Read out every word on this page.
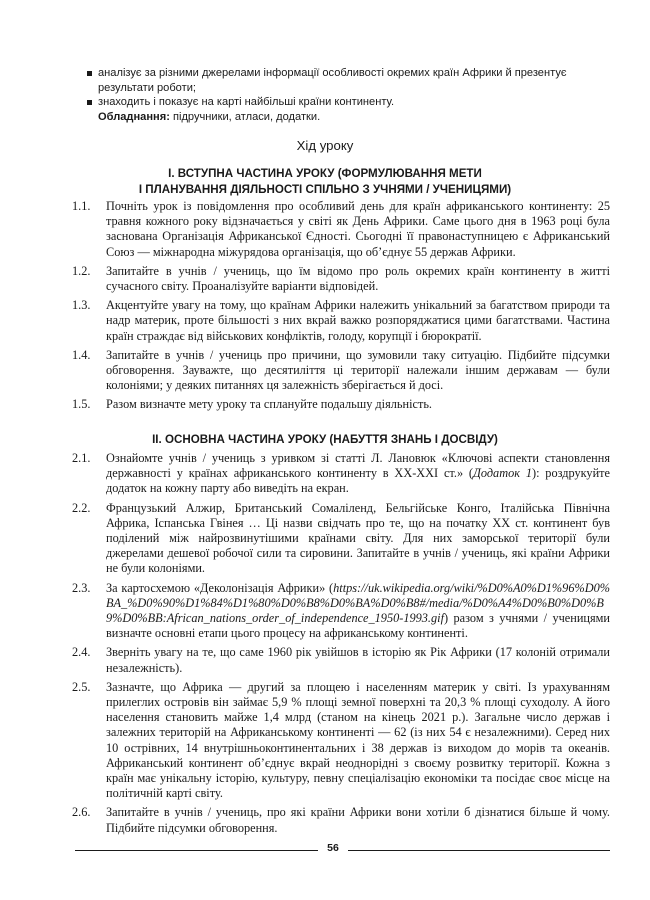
аналізує за різними джерелами інформації особливості окремих країн Африки й презентує результати роботи;
знаходить і показує на карті найбільші країни континенту.
Обладнання: підручники, атласи, додатки.
Хід уроку
І. ВСТУПНА ЧАСТИНА УРОКУ (ФОРМУЛЮВАННЯ МЕТИ
І ПЛАНУВАННЯ ДІЯЛЬНОСТІ СПІЛЬНО З УЧНЯМИ / УЧЕНИЦЯМИ)
1.1.	Почніть урок із повідомлення про особливий день для країн африканського континенту: 25 травня кожного року відзначається у світі як День Африки. Саме цього дня в 1963 році була заснована Організація Африканської Єдності. Сьогодні її правонаступницею є Африканський Союз — міжнародна міжурядова організація, що об’єднує 55 держав Африки.
1.2.	Запитайте в учнів / учениць, що їм відомо про роль окремих країн континенту в житті сучасного світу. Проаналізуйте варіанти відповідей.
1.3.	Акцентуйте увагу на тому, що країнам Африки належить унікальний за багатством природи та надр материк, проте більшості з них вкрай важко розпоряджатися цими багатствами. Частина країн страждає від військових конфліктів, голоду, корупції і бюрократії.
1.4.	Запитайте в учнів / учениць про причини, що зумовили таку ситуацію. Підбийте підсумки обговорення. Зауважте, що десятиліття ці території належали іншим державам — були колоніями; у деяких питаннях ця залежність зберігається й досі.
1.5.	Разом визначте мету уроку та сплануйте подальшу діяльність.
ІІ. ОСНОВНА ЧАСТИНА УРОКУ (НАБУТТЯ ЗНАНЬ І ДОСВІДУ)
2.1.	Ознайомте учнів / учениць з уривком зі статті Л. Лановюк «Ключові аспекти становлення державності у країнах африканського континенту в ХХ-ХХІ ст.» (Додаток 1): роздрукуйте додаток на кожну парту або виведіть на екран.
2.2.	Французький Алжир, Британський Сомаліленд, Бельгійське Конго, Італійська Північна Африка, Іспанська Гвінея … Ці назви свідчать про те, що на початку ХХ ст. континент був поділений між найрозвинутішими країнами світу. Для них заморської території були джерелами дешевої робочої сили та сировини. Запитайте в учнів / учениць, які країни Африки не були колоніями.
2.3.	За картосхемою «Деколонізація Африки» (https://uk.wikipedia.org/wiki/%D0%A0%D1%96%D0%BA_%D0%90%D1%84%D1%80%D0%B8%D0%BA%D0%B8#/media/%D0%A4%D0%B0%D0%B9%D0%BB:African_nations_order_of_independence_1950-1993.gif) разом з учнями / ученицями визначте основні етапи цього процесу на африканському континенті.
2.4.	Зверніть увагу на те, що саме 1960 рік увійшов в історію як Рік Африки (17 колоній отримали незалежність).
2.5.	Зазначте, що Африка — другий за площею і населенням материк у світі. Із урахуванням прилеглих островів він займає 5,9 % площі земної поверхні та 20,3 % площі суходолу. А його населення становить майже 1,4 млрд (станом на кінець 2021 р.). Загальне число держав і залежних територій на Африканському континенті — 62 (із них 54 є незалежними). Серед них 10 острівних, 14 внутрішньоконтинентальних і 38 держав із виходом до морів та океанів. Африканський континент об’єднує вкрай неоднорідні з своєму розвитку території. Кожна з країн має унікальну історію, культуру, певну спеціалізацію економіки та посідає своє місце на політичній карті світу.
2.6.	Запитайте в учнів / учениць, про які країни Африки вони хотіли б дізнатися більше й чому. Підбийте підсумки обговорення.
56
